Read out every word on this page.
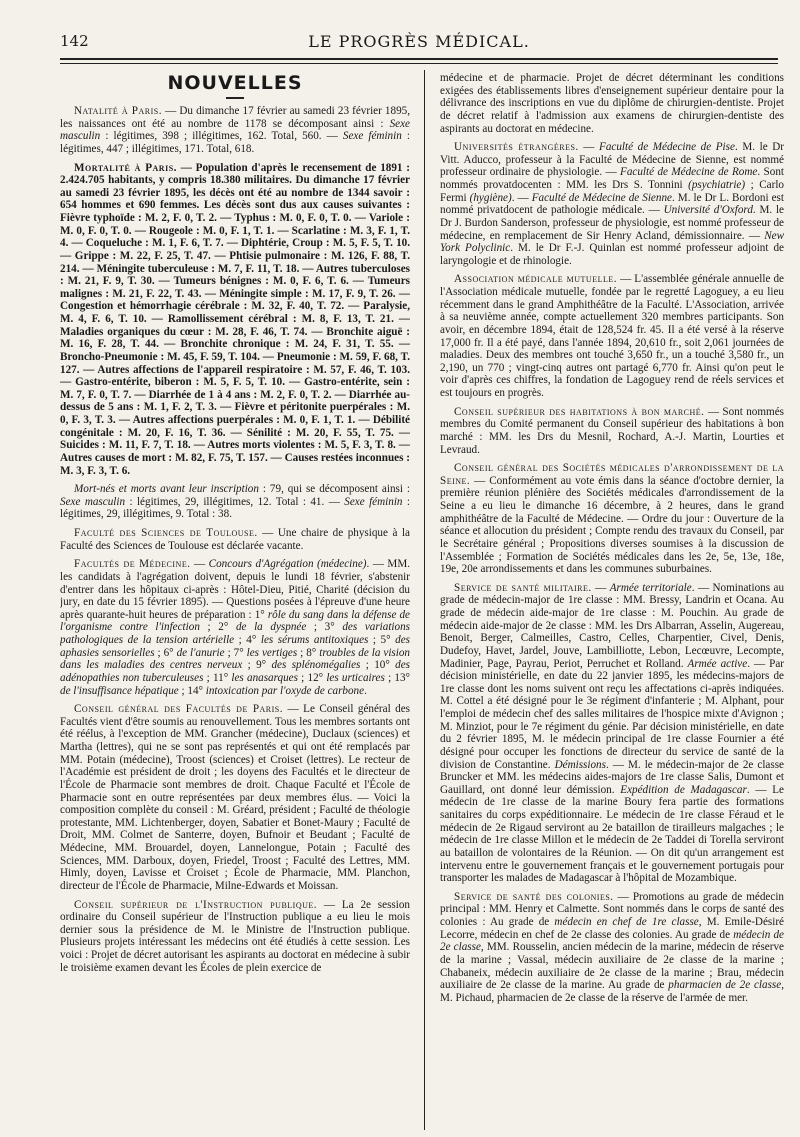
142	LE PROGRÈS MÉDICAL.
NOUVELLES

Natalité à Paris. — Du dimanche 17 février au samedi 23 février 1895, les naissances ont été au nombre de 1178 se décomposant ainsi : Sexe masculin : légitimes, 398 ; illégitimes, 162. Total, 560. — Sexe féminin : légitimes, 447 ; illégitimes, 171. Total, 618.

Mortalité à Paris. — Population d'après le recensement de 1891 : 2.424.705 habitants, y compris 18.380 militaires. Du dimanche 17 février au samedi 23 février 1895, les décès ont été au nombre de 1344 savoir : 654 hommes et 690 femmes. Les décès sont dus aux causes suivantes : Fièvre typhoïde : M. 2, F. 0, T. 2. — Typhus : M. 0, F. 0, T. 0. — Variole : M. 0, F. 0, T. 0. — Rougeole : M. 0, F. 1, T. 1. — Scarlatine : M. 3, F. 1, T. 4. — Coqueluche : M. 1, F. 6, T. 7. — Diphtérie, Croup : M. 5, F. 5, T. 10. — Grippe : M. 22, F. 25, T. 47. — Phtisie pulmonaire : M. 126, F. 88, T. 214. — Méningite tuberculeuse : M. 7, F. 11, T. 18. — Autres tuberculoses : M. 21, F. 9, T. 30. — Tumeurs bénignes : M. 0, F. 6, T. 6. — Tumeurs malignes : M. 21, F. 22, T. 43. — Méningite simple : M. 17, F. 9, T. 26. — Congestion et hémorrhagie cérébrale : M. 32, F. 40, T. 72. — Paralysie, M. 4, F. 6, T. 10. — Ramollissement cérébral : M. 8, F. 13, T. 21. — Maladies organiques du cœur : M. 28, F. 46, T. 74. — Bronchite aiguë : M. 16, F. 28, T. 44. — Bronchite chronique : M. 24, F. 31, T. 55. — Broncho-Pneumonie : M. 45, F. 59, T. 104. — Pneumonie : M. 59, F. 68, T. 127. — Autres affections de l'appareil respiratoire : M. 57, F. 46, T. 103. — Gastro-entérite, biberon : M. 5, F. 5, T. 10. — Gastro-entérite, sein : M. 7, F. 0, T. 7. — Diarrhée de 1 à 4 ans : M. 2, F. 0, T. 2. — Diarrhée au-dessus de 5 ans : M. 1, F. 2, T. 3. — Fièvre et péritonite puerpérales : M. 0, F. 3, T. 3. — Autres affections puerpérales : M. 0, F. 1, T. 1. — Débilité congénitale : M. 20, F. 16, T. 36. — Sénilité : M. 20, F. 55, T. 75. — Suicides : M. 11, F. 7, T. 18. — Autres morts violentes : M. 5, F. 3, T. 8. — Autres causes de mort : M. 82, F. 75, T. 157. — Causes restées inconnues : M. 3, F. 3, T. 6.

Mort-nés et morts avant leur inscription : 79, qui se décomposent ainsi : Sexe masculin : légitimes, 29, illégitimes, 12. Total : 41. — Sexe féminin : légitimes, 29, illégitimes, 9. Total : 38.

Faculté des Sciences de Toulouse. — Une chaire de physique à la Faculté des Sciences de Toulouse est déclarée vacante.

Facultés de Médecine. — Concours d'Agrégation (médecine). — MM. les candidats à l'agrégation doivent, depuis le lundi 18 février, s'abstenir d'entrer dans les hôpitaux ci-après : Hôtel-Dieu, Pitié, Charité (décision du jury, en date du 15 février 1895). — Questions posées à l'épreuve d'une heure après quarante-huit heures de préparation : 1° rôle du sang dans la défense de l'organisme contre l'infection ; 2° de la dyspnée ; 3° des variations pathologiques de la tension artérielle ; 4° les sérums antitoxiques ; 5° des aphasies sensorielles ; 6° de l'anurie ; 7° les vertiges ; 8° troubles de la vision dans les maladies des centres nerveux ; 9° des splénomégalies ; 10° des adénopathies non tuberculeuses ; 11° les anasarques ; 12° les urticaires ; 13° de l'insuffisance hépatique ; 14° intoxication par l'oxyde de carbone.

Conseil général des Facultés de Paris. — Le Conseil général des Facultés vient d'être soumis au renouvellement. Tous les membres sortants ont été réélus, à l'exception de MM. Grancher (médecine), Duclaux (sciences) et Martha (lettres), qui ne se sont pas représentés et qui ont été remplacés par MM. Potain (médecine), Troost (sciences) et Croiset (lettres). Le recteur de l'Académie est président de droit ; les doyens des Facultés et le directeur de l'École de Pharmacie sont membres de droit. Chaque Faculté et l'École de Pharmacie sont en outre représentées par deux membres élus. — Voici la composition complète du conseil : M. Gréard, président ; Faculté de théologie protestante, MM. Lichtenberger, doyen, Sabatier et Bonet-Maury ; Faculté de Droit, MM. Colmet de Santerre, doyen, Bufnoir et Beudant ; Faculté de Médecine, MM. Brouardel, doyen, Lannelongue, Potain ; Faculté des Sciences, MM. Darboux, doyen, Friedel, Troost ; Faculté des Lettres, MM. Himly, doyen, Lavisse et Croiset ; École de Pharmacie, MM. Planchon, directeur de l'École de Pharmacie, Milne-Edwards et Moissan.

Conseil supérieur de l'Instruction publique. — La 2e session ordinaire du Conseil supérieur de l'Instruction publique a eu lieu le mois dernier sous la présidence de M. le Ministre de l'Instruction publique. Plusieurs projets intéressant les médecins ont été étudiés à cette session. Les voici : Projet de décret autorisant les aspirants au doctorat en médecine à subir le troisième examen devant les Écoles de plein exercice de

médecine et de pharmacie. Projet de décret déterminant les conditions exigées des établissements libres d'enseignement supérieur dentaire pour la délivrance des inscriptions en vue du diplôme de chirurgien-dentiste. Projet de décret relatif à l'admission aux examens de chirurgien-dentiste des aspirants au doctorat en médecine.

Universités étrangères. — Faculté de Médecine de Pise. M. le Dr Vitt. Aducco, professeur à la Faculté de Médecine de Sienne, est nommé professeur ordinaire de physiologie. — Faculté de Médecine de Rome. Sont nommés provatdocenten : MM. les Drs S. Tonnini (psychiatrie) ; Carlo Fermi (hygiène). — Faculté de Médecine de Sienne. M. le Dr L. Bordoni est nommé privatdocent de pathologie médicale. — Université d'Oxford. M. le Dr J. Burdon Sanderson, professeur de physiologie, est nommé professeur de médecine, en remplacement de Sir Henry Acland, démissionnaire. — New York Polyclinic. M. le Dr F.-J. Quinlan est nommé professeur adjoint de laryngologie et de rhinologie.

Association médicale mutuelle. — L'assemblée générale annuelle de l'Association médicale mutuelle, fondée par le regretté Lagoguey, a eu lieu récemment dans le grand Amphithéâtre de la Faculté. L'Association, arrivée à sa neuvième année, compte actuellement 320 membres participants. Son avoir, en décembre 1894, était de 128,524 fr. 45. Il a été versé à la réserve 17,000 fr. Il a été payé, dans l'année 1894, 20,610 fr., soit 2,061 journées de maladies. Deux des membres ont touché 3,650 fr., un a touché 3,580 fr., un 2,190, un 770 ; vingt-cinq autres ont partagé 6,770 fr. Ainsi qu'on peut le voir d'après ces chiffres, la fondation de Lagoguey rend de réels services et est toujours en progrès.

Conseil supérieur des habitations à bon marché. — Sont nommés membres du Comité permanent du Conseil supérieur des habitations à bon marché : MM. les Drs du Mesnil, Rochard, A.-J. Martin, Lourties et Levraud.

Conseil général des Sociétés médicales d'arrondissement de la Seine. — Conformément au vote émis dans la séance d'octobre dernier, la première réunion plénière des Sociétés médicales d'arrondissement de la Seine a eu lieu le dimanche 16 décembre, à 2 heures, dans le grand amphithéâtre de la Faculté de Médecine. — Ordre du jour : Ouverture de la séance et allocution du président ; Compte rendu des travaux du Conseil, par le Secrétaire général ; Propositions diverses soumises à la discussion de l'Assemblée ; Formation de Sociétés médicales dans les 2e, 5e, 13e, 18e, 19e, 20e arrondissements et dans les communes suburbaines.

Service de santé militaire. — Armée territoriale. — Nominations au grade de médecin-major de 1re classe : MM. Bressy, Landrin et Ocana. Au grade de médecin aide-major de 1re classe : M. Pouchin. Au grade de médecin aide-major de 2e classe : MM. les Drs Albarran, Asselin, Augereau, Benoit, Berger, Calmeilles, Castro, Celles, Charpentier, Civel, Denis, Dudefoy, Havet, Jardel, Jouve, Lambilliotte, Lebon, Lecœuvre, Lecompte, Madinier, Page, Payrau, Periot, Perruchet et Rolland. Armée active. — Par décision ministérielle, en date du 22 janvier 1895, les médecins-majors de 1re classe dont les noms suivent ont reçu les affectations ci-après indiquées. M. Cottel a été désigné pour le 3e régiment d'infanterie ; M. Alphant, pour l'emploi de médecin chef des salles militaires de l'hospice mixte d'Avignon ; M. Minziot, pour le 7e régiment du génie. Par décision ministérielle, en date du 2 février 1895, M. le médecin principal de 1re classe Fournier a été désigné pour occuper les fonctions de directeur du service de santé de la division de Constantine. Démissions. — M. le médecin-major de 2e classe Bruncker et MM. les médecins aides-majors de 1re classe Salis, Dumont et Gauillard, ont donné leur démission. Expédition de Madagascar. — Le médecin de 1re classe de la marine Boury fera partie des formations sanitaires du corps expéditionnaire. Le médecin de 1re classe Féraud et le médecin de 2e Rigaud serviront au 2e bataillon de tirailleurs malgaches ; le médecin de 1re classe Millon et le médecin de 2e Taddei di Torella serviront au bataillon de volontaires de la Réunion. — On dit qu'un arrangement est intervenu entre le gouvernement français et le gouvernement portugais pour transporter les malades de Madagascar à l'hôpital de Mozambique.

Service de santé des colonies. — Promotions au grade de médecin principal : MM. Henry et Calmette. Sont nommés dans le corps de santé des colonies : Au grade de médecin en chef de 1re classe, M. Emile-Désiré Lecorre, médecin en chef de 2e classe des colonies. Au grade de médecin de 2e classe, MM. Rousselin, ancien médecin de la marine, médecin de réserve de la marine ; Vassal, médecin auxiliaire de 2e classe de la marine ; Chabaneix, médecin auxiliaire de 2e classe de la marine ; Brau, médecin auxiliaire de 2e classe de la marine. Au grade de pharmacien de 2e classe, M. Pichaud, pharmacien de 2e classe de la réserve de l'armée de mer.
